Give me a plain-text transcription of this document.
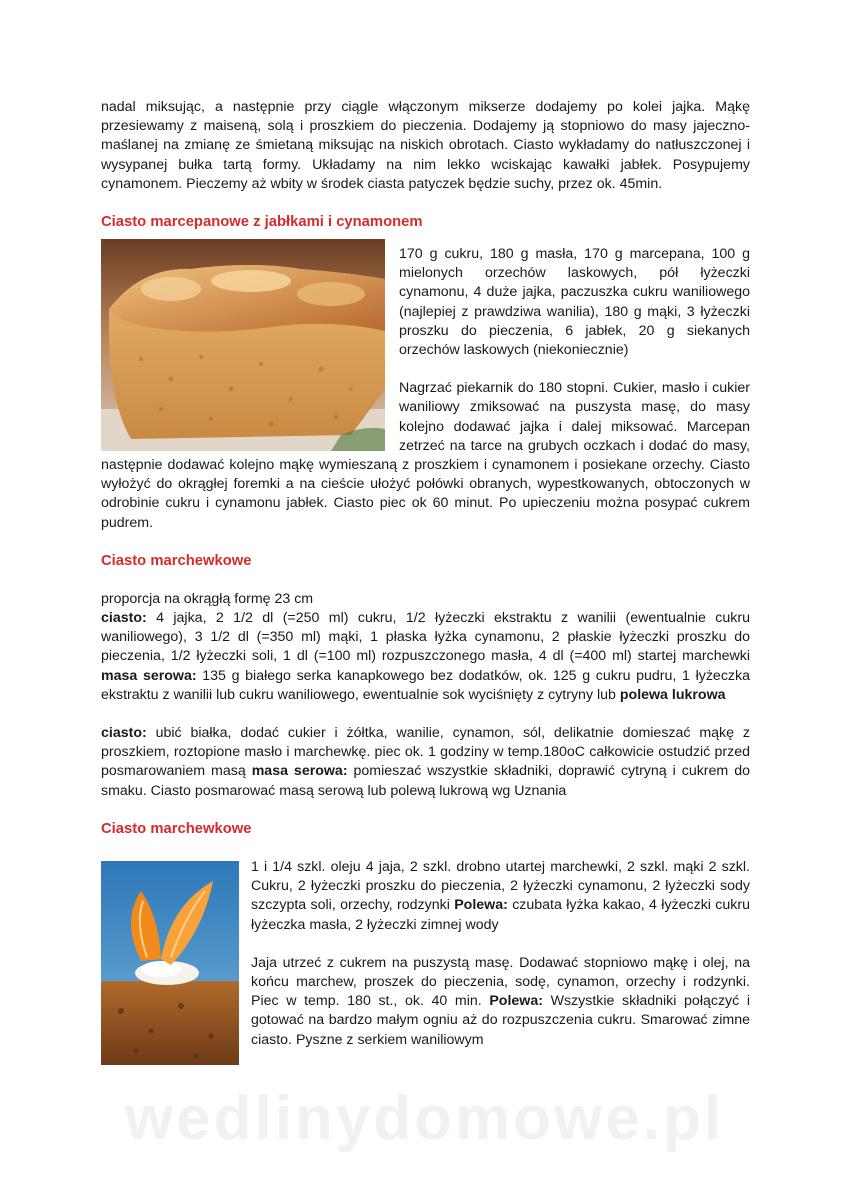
nadal miksując, a następnie przy ciągle włączonym mikserze dodajemy po kolei jajka. Mąkę przesiewamy z maiseną, solą i proszkiem do pieczenia. Dodajemy ją stopniowo do masy jajeczno-maślanej na zmianę ze śmietaną miksując na niskich obrotach. Ciasto wykładamy do natłuszczonej i wysypanej bułka tartą formy. Układamy na nim lekko wciskając kawałki jabłek. Posypujemy cynamonem. Pieczemy aż wbity w środek ciasta patyczek będzie suchy, przez ok. 45min.

Ciasto marcepanowe z jabłkami i cynamonem

170 g cukru, 180 g masła, 170 g marcepana, 100 g mielonych orzechów laskowych, pół łyżeczki cynamonu, 4 duże jajka, paczuszka cukru waniliowego (najlepiej z prawdziwa wanilia), 180 g mąki, 3 łyżeczki proszku do pieczenia, 6 jabłek, 20 g siekanych orzechów laskowych (niekoniecznie)

Nagrzać piekarnik do 180 stopni. Cukier, masło i cukier waniliowy zmiksować na puszysta masę, do masy kolejno dodawać jajka i dalej miksować. Marcepan zetrzeć na tarce na grubych oczkach i dodać do masy, następnie dodawać kolejno mąkę wymieszaną z proszkiem i cynamonem i posiekane orzechy. Ciasto wyłożyć do okrągłej foremki a na cieście ułożyć połówki obranych, wypestkowanych, obtoczonych w odrobinie cukru i cynamonu jabłek. Ciasto piec ok 60 minut. Po upieczeniu można posypać cukrem pudrem.

Ciasto marchewkowe

proporcja na okrągłą formę 23 cm

ciasto: 4 jajka, 2 1/2 dl (=250 ml) cukru, 1/2 łyżeczki ekstraktu z wanilii (ewentualnie cukru waniliowego), 3 1/2 dl (=350 ml) mąki, 1 płaska łyżka cynamonu, 2 płaskie łyżeczki proszku do pieczenia, 1/2 łyżeczki soli, 1 dl (=100 ml) rozpuszczonego masła, 4 dl (=400 ml) startej marchewki masa serowa: 135 g białego serka kanapkowego bez dodatków, ok. 125 g cukru pudru, 1 łyżeczka ekstraktu z wanilii lub cukru waniliowego, ewentualnie sok wyciśnięty z cytryny lub polewa lukrowa

ciasto: ubić białka, dodać cukier i żółtka, wanilie, cynamon, sól, delikatnie domieszać mąkę z proszkiem, roztopione masło i marchewkę. piec ok. 1 godziny w temp.180oC całkowicie ostudzić przed posmarowaniem masą masa serowa: pomieszać wszystkie składniki, doprawić cytryną i cukrem do smaku. Ciasto posmarować masą serową lub polewą lukrową wg Uznania

Ciasto marchewkowe

1 i 1/4 szkl. oleju 4 jaja, 2 szkl. drobno utartej marchewki, 2 szkl. mąki 2 szkl. Cukru, 2 łyżeczki proszku do pieczenia, 2 łyżeczki cynamonu, 2 łyżeczki sody szczypta soli, orzechy, rodzynki Polewa: czubata łyżka kakao, 4 łyżeczki cukru łyżeczka masła, 2 łyżeczki zimnej wody

Jaja utrzeć z cukrem na puszystą masę. Dodawać stopniowo mąkę i olej, na końcu marchew, proszek do pieczenia, sodę, cynamon, orzechy i rodzynki. Piec w temp. 180 st., ok. 40 min. Polewa: Wszystkie składniki połączyć i gotować na bardzo małym ogniu aż do rozpuszczenia cukru. Smarować zimne ciasto. Pyszne z serkiem waniliowym

wedlinydomowe.pl
